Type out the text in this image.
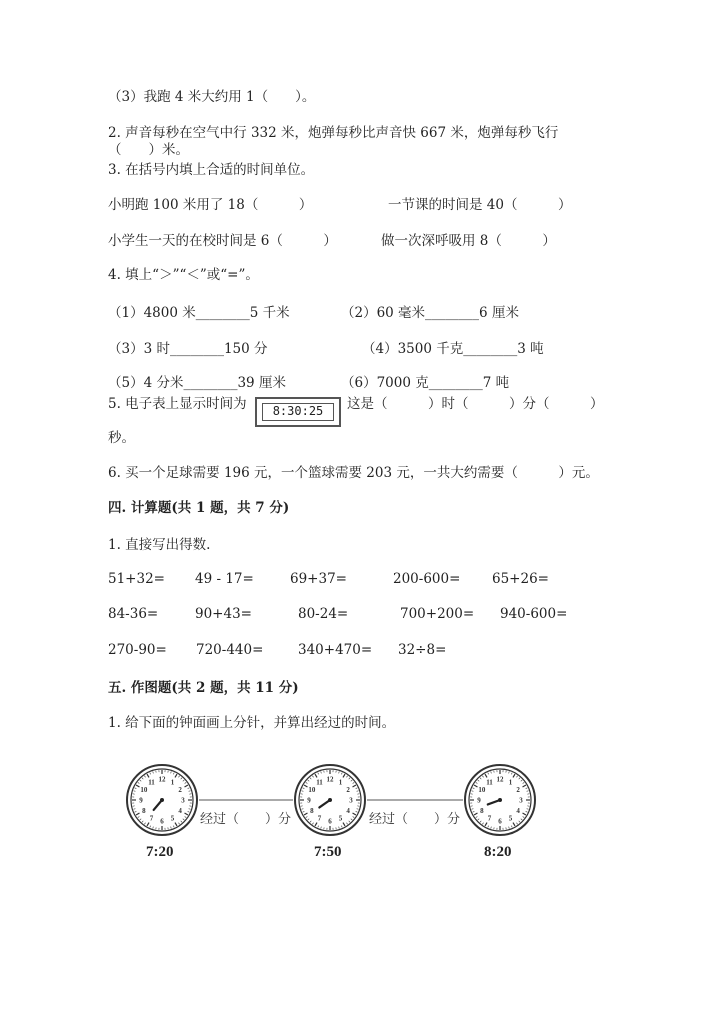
（3）我跑 4 米大约用 1（　　）。
2. 声音每秒在空气中行 332 米，炮弹每秒比声音快 667 米，炮弹每秒飞行
（　　）米。
3. 在括号内填上合适的时间单位。
小明跑 100 米用了 18（　　　）	一节课的时间是 40（　　　）
小学生一天的在校时间是 6（　　　）	做一次深呼吸用 8（　　　）
4. 填上“＞”“＜”或“=”。
（1）4800 米________5 千米	（2）60 毫米________6 厘米
（3）3 时________150 分	（4）3500 千克________3 吨
（5）4 分米________39 厘米	（6）7000 克________7 吨
5. 电子表上显示时间为	8:30:25	这是（　　　）时（　　　）分（　　　）
秒。
6. 买一个足球需要 196 元，一个篮球需要 203 元，一共大约需要（　　　）元。
四. 计算题(共 1 题，共 7 分)
1. 直接写出得数.
51+32= 49 - 17=	69+37=	200-600= 65+26=
84-36=	90+43=	80-24=	700+200= 940-600=
270-90= 720-440=	340+470= 32÷8=
五. 作图题(共 2 题，共 11 分)
1. 给下面的钟面画上分针，并算出经过的时间。
1
2
3
4
5
6
7
8
9
10
11 12	1
2
3
4
5
6
7
8
9
10
11 12	1
2
3
4
5
6
7
8
9
10
11 12
经过（　　）分	经过（　　）分
7:20	7:50	8:20
